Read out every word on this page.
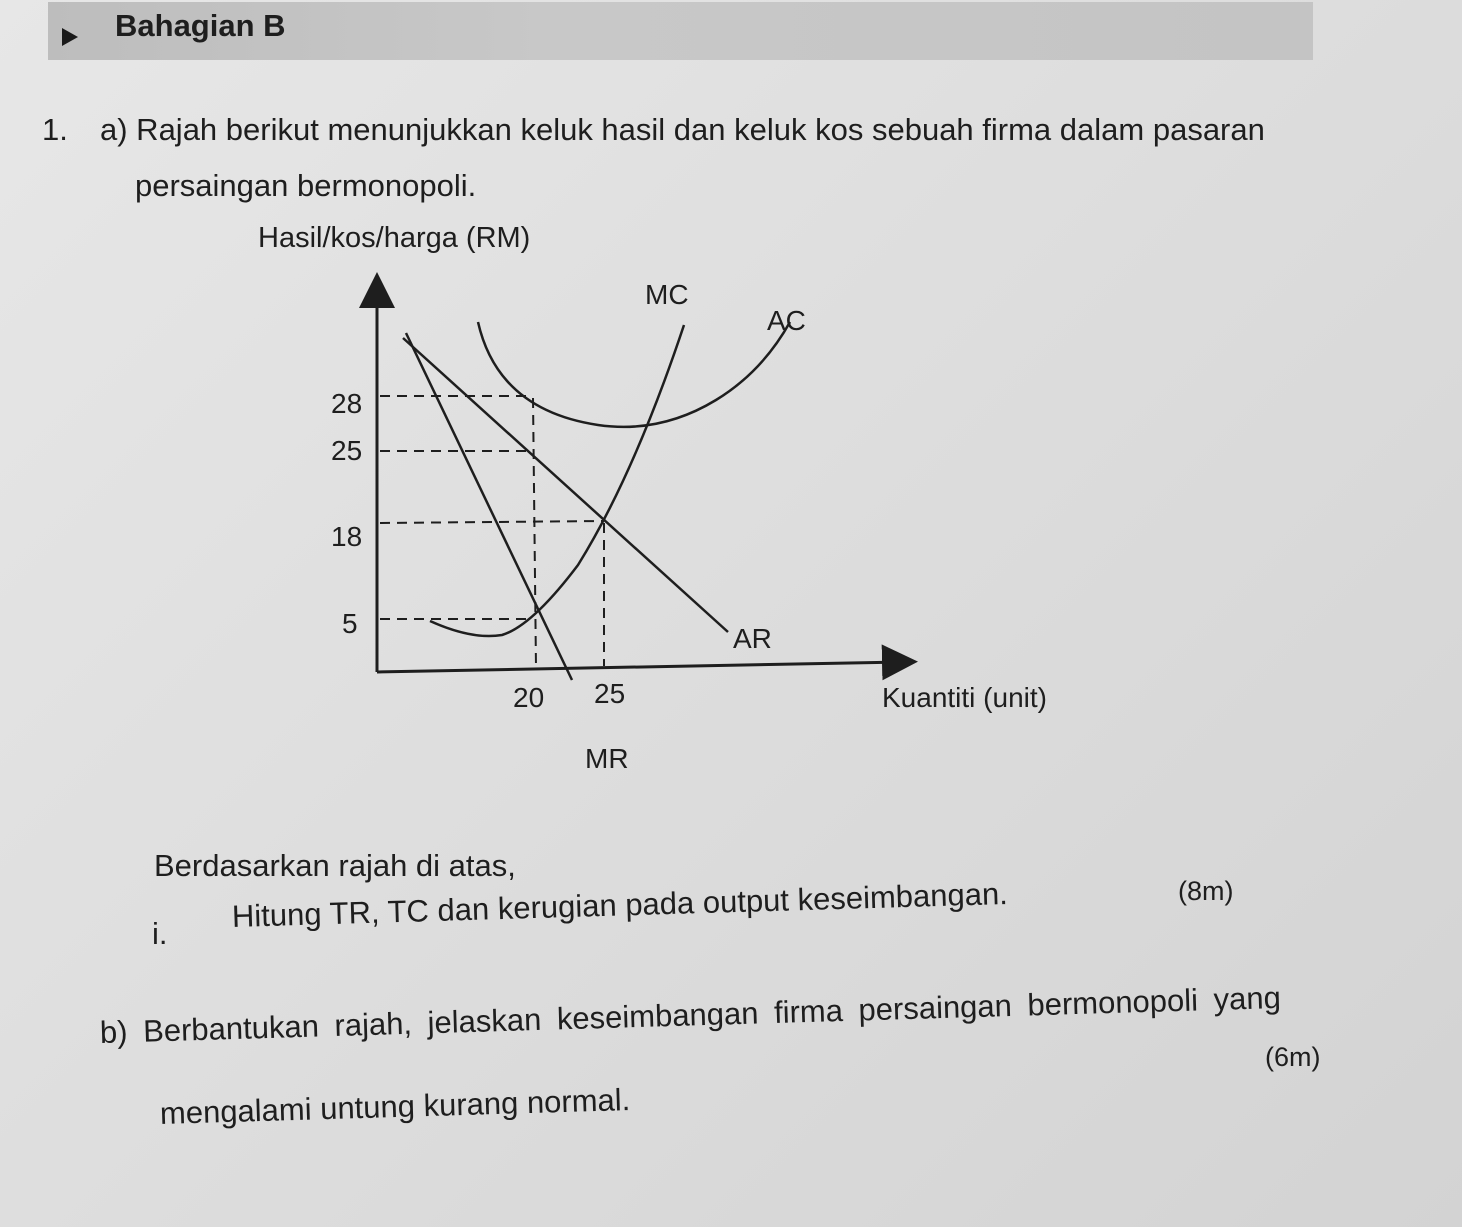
Bahagian B
1. a) Rajah berikut menunjukkan keluk hasil dan keluk kos sebuah firma dalam pasaran
persaingan bermonopoli.
Hasil/kos/harga (RM)
28
25
18
5
20 25
MC
AC
AR
MR
Kuantiti (unit)
Berdasarkan rajah di atas,
i. Hitung TR, TC dan kerugian pada output keseimbangan.	(8m)
b) Berbantukan rajah, jelaskan keseimbangan firma persaingan bermonopoli yang
(6m)
mengalami untung kurang normal.
